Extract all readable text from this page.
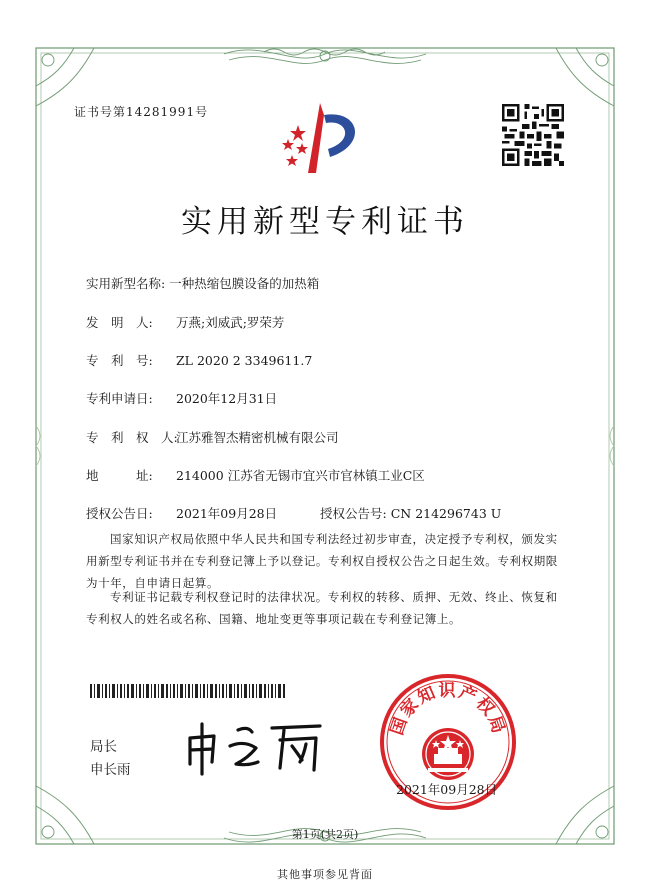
证书号第14281991号
实用新型专利证书
实用新型名称: 一种热缩包膜设备的加热箱
发　明　人: 万燕;刘威武;罗荣芳
专　利　号: ZL 2020 2 3349611.7
专利申请日: 2020年12月31日
专　利　权　人:江苏雅智杰精密机械有限公司
地　　　址: 214000 江苏省无锡市宜兴市官林镇工业C区
授权公告日: 2021年09月28日	授权公告号: CN 214296743 U
国家知识产权局依照中华人民共和国专利法经过初步审查，决定授予专利权，颁发实用新型专利证书并在专利登记簿上予以登记。专利权自授权公告之日起生效。专利权期限为十年，自申请日起算。
专利证书记载专利权登记时的法律状况。专利权的转移、质押、无效、终止、恢复和专利权人的姓名或名称、国籍、地址变更等事项记载在专利登记簿上。
局长
申长雨
国家知识产权局
2021年09月28日
第1页(共2页)
其他事项参见背面
